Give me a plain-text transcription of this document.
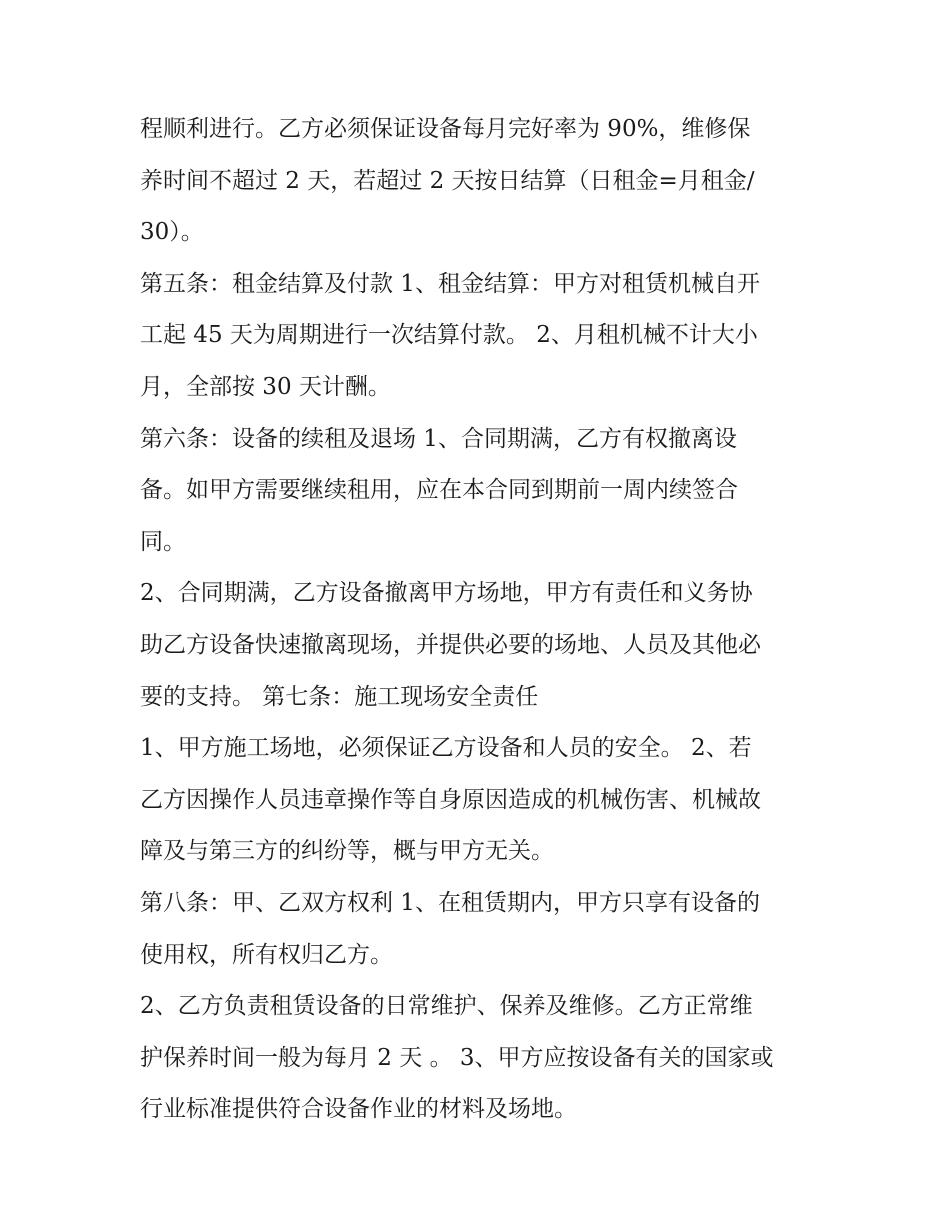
程顺利进行。乙方必须保证设备每月完好率为 90%，维修保
养时间不超过 2 天，若超过 2 天按日结算（日租金=月租金/
30）。
第五条：租金结算及付款 1、租金结算：甲方对租赁机械自开
工起 45 天为周期进行一次结算付款。 2、月租机械不计大小
月，全部按 30 天计酬。
第六条：设备的续租及退场 1、合同期满，乙方有权撤离设
备。如甲方需要继续租用，应在本合同到期前一周内续签合
同。
2、合同期满，乙方设备撤离甲方场地，甲方有责任和义务协
助乙方设备快速撤离现场，并提供必要的场地、人员及其他必
要的支持。 第七条：施工现场安全责任
1、甲方施工场地，必须保证乙方设备和人员的安全。 2、若
乙方因操作人员违章操作等自身原因造成的机械伤害、机械故
障及与第三方的纠纷等，概与甲方无关。
第八条：甲、乙双方权利 1、在租赁期内，甲方只享有设备的
使用权，所有权归乙方。
2、乙方负责租赁设备的日常维护、保养及维修。乙方正常维
护保养时间一般为每月 2 天 。 3、甲方应按设备有关的国家或
行业标准提供符合设备作业的材料及场地。
